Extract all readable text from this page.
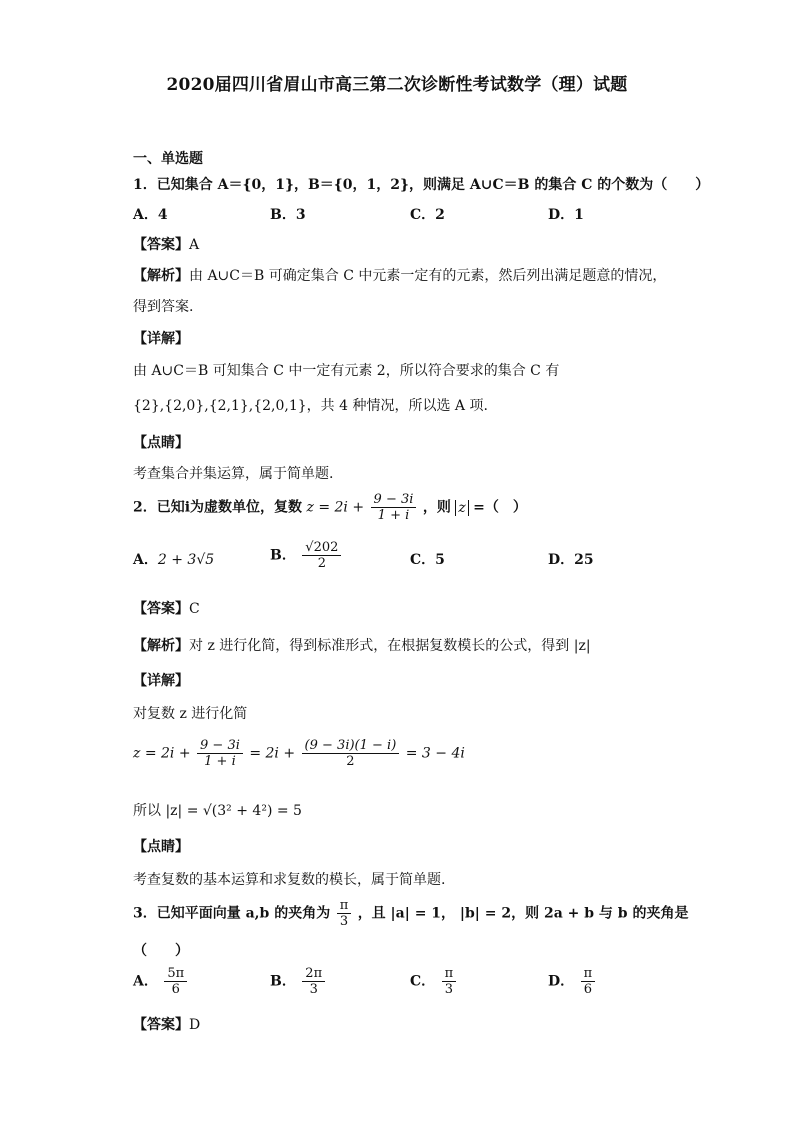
2020届四川省眉山市高三第二次诊断性考试数学（理）试题
一、单选题
1．已知集合 A＝{0，1}，B＝{0，1，2}，则满足 A∪C＝B 的集合 C 的个数为（　　）
A．4	B．3	C．2	D．1
【答案】A
【解析】由 A∪C＝B 可确定集合 C 中元素一定有的元素，然后列出满足题意的情况，
得到答案.
【详解】
由 A∪C＝B 可知集合 C 中一定有元素 2，所以符合要求的集合 C 有
{2},{2,0},{2,1},{2,0,1}，共 4 种情况，所以选 A 项.
【点睛】
考查集合并集运算，属于简单题.
2．已知i为虚数单位，复数 $z = 2i + \frac{9 - 3i}{1 + i}$ ，则 z =（　）
A．2 + 3√5	B． $\frac{√202}{2}$	C．5	D．25
【答案】C
【解析】对 z 进行化简，得到标准形式，在根据复数模长的公式，得到 |z|
【详解】
对复数 z 进行化简
$z = 2i + \frac{9 - 3i}{1 + i} = 2i + \frac{(9 - 3i)(1 - i)}{2} = 3 - 4i$
所以 |z| = √(3² + 4²) = 5
【点睛】
考查复数的基本运算和求复数的模长，属于简单题.
3．已知平面向量 a,b 的夹角为 $\frac{\pi}{3}$ ，且 |a| = 1， |b| = 2，则 2a + b 与 b 的夹角是
（　　）
A． $\frac{5\pi}{6}$	B． $\frac{2\pi}{3}$	C． $\frac{\pi}{3}$	D． $\frac{\pi}{6}$
【答案】D
